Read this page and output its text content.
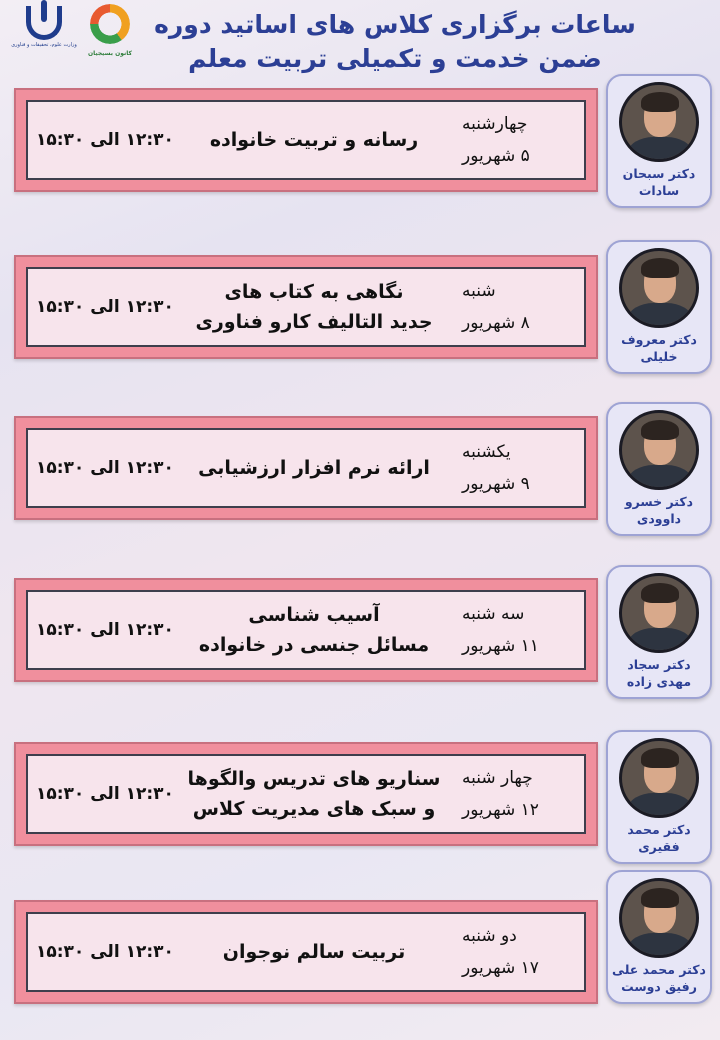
وزارت علوم، تحقیقات و فناوری
کانون بسیجیان
ساعات برگزاری کلاس های اساتید دوره
ضمن خدمت و تکمیلی تربیت معلم
۱۲:۳۰ الی ۱۵:۳۰ رسانه و تربیت خانواده
چهارشنبه
۵ شهریور
دکتر سبحان
سادات
۱۲:۳۰ الی ۱۵:۳۰
نگاهی به کتاب های
جدید التالیف کارو فناوری
شنبه
۸ شهریور
دکتر معروف
خلیلی
۱۲:۳۰ الی ۱۵:۳۰ ارائه نرم افزار ارزشیابی
یکشنبه
۹ شهریور
دکتر خسرو
داوودی
۱۲:۳۰ الی ۱۵:۳۰
آسیب شناسی
مسائل جنسی در خانواده
سه شنبه
۱۱ شهریور
دکتر سجاد
مهدی زاده
۱۲:۳۰ الی ۱۵:۳۰
سناریو های تدریس والگوها
و سبک های مدیریت کلاس
چهار شنبه
۱۲ شهریور
دکتر محمد
فقیری
۱۲:۳۰ الی ۱۵:۳۰	تربیت سالم نوجوان
دو شنبه
۱۷ شهریور	دکتر محمد علی
رفیق دوست
